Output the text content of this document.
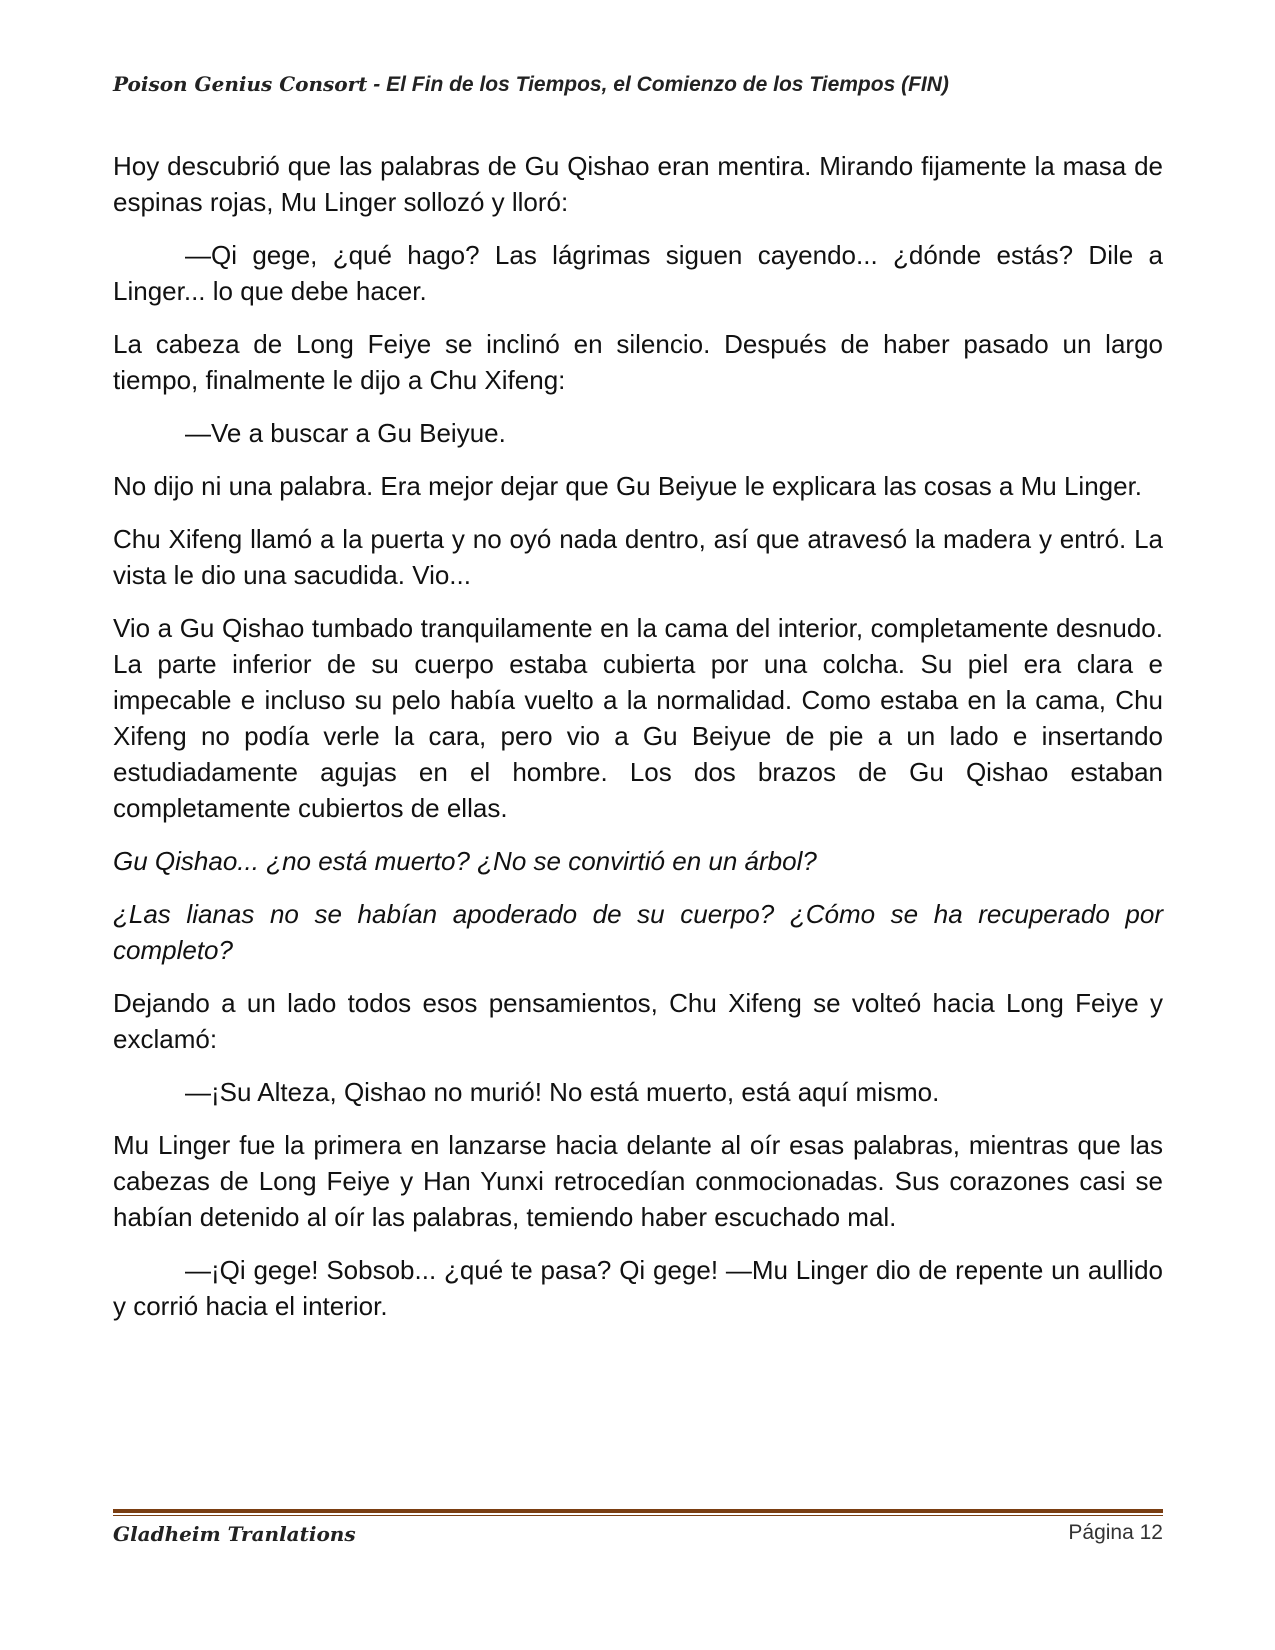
Poison Genius Consort - El Fin de los Tiempos, el Comienzo de los Tiempos (FIN)

Hoy descubrió que las palabras de Gu Qishao eran mentira. Mirando fijamente la masa de espinas rojas, Mu Linger sollozó y lloró:

—Qi gege, ¿qué hago? Las lágrimas siguen cayendo... ¿dónde estás? Dile a Linger... lo que debe hacer.

La cabeza de Long Feiye se inclinó en silencio. Después de haber pasado un largo tiempo, finalmente le dijo a Chu Xifeng:

—Ve a buscar a Gu Beiyue.

No dijo ni una palabra. Era mejor dejar que Gu Beiyue le explicara las cosas a Mu Linger.

Chu Xifeng llamó a la puerta y no oyó nada dentro, así que atravesó la madera y entró. La vista le dio una sacudida. Vio...

Vio a Gu Qishao tumbado tranquilamente en la cama del interior, completamente desnudo. La parte inferior de su cuerpo estaba cubierta por una colcha. Su piel era clara e impecable e incluso su pelo había vuelto a la normalidad. Como estaba en la cama, Chu Xifeng no podía verle la cara, pero vio a Gu Beiyue de pie a un lado e insertando estudiadamente agujas en el hombre. Los dos brazos de Gu Qishao estaban completamente cubiertos de ellas.

Gu Qishao... ¿no está muerto? ¿No se convirtió en un árbol?

¿Las lianas no se habían apoderado de su cuerpo? ¿Cómo se ha recuperado por completo?

Dejando a un lado todos esos pensamientos, Chu Xifeng se volteó hacia Long Feiye y exclamó:

—¡Su Alteza, Qishao no murió! No está muerto, está aquí mismo.

Mu Linger fue la primera en lanzarse hacia delante al oír esas palabras, mientras que las cabezas de Long Feiye y Han Yunxi retrocedían conmocionadas. Sus corazones casi se habían detenido al oír las palabras, temiendo haber escuchado mal.

—¡Qi gege! Sobsob... ¿qué te pasa? Qi gege! —Mu Linger dio de repente un aullido y corrió hacia el interior.

Gladheim Tranlations	Página 12
